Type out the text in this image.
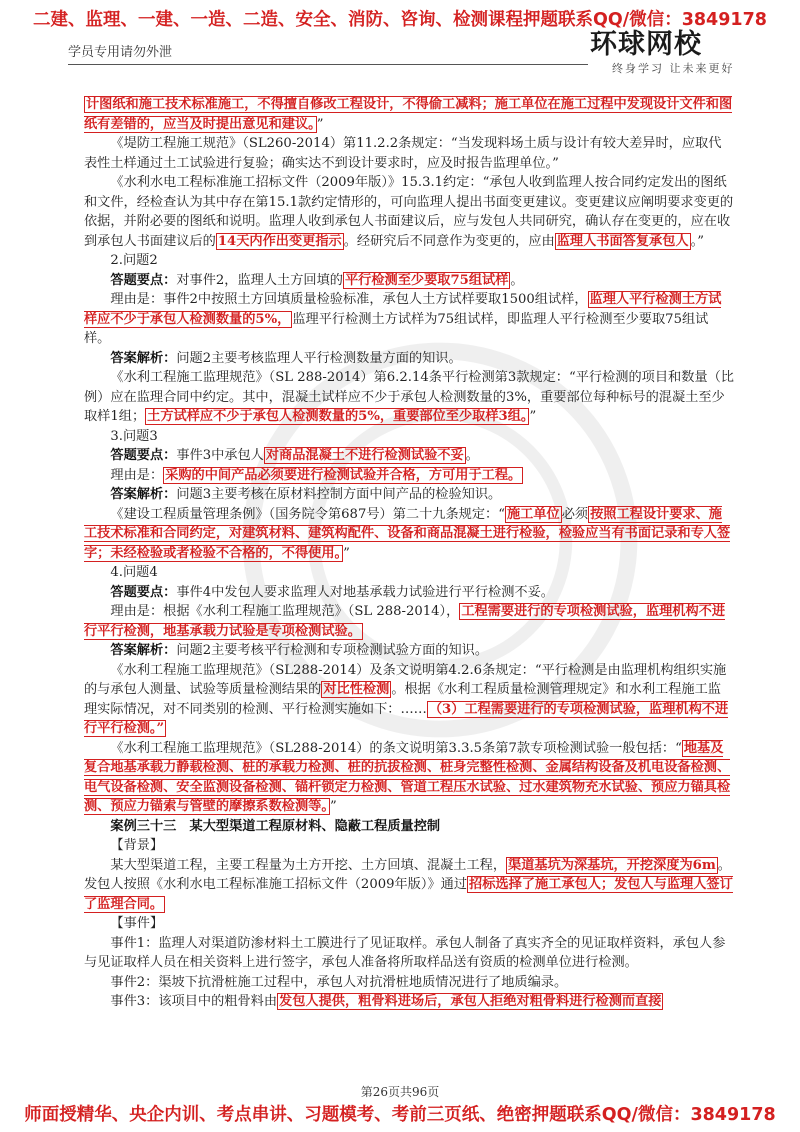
二建、监理、一建、一造、二造、安全、消防、咨询、检测课程押题联系QQ/微信：3849178
学员专用请勿外泄	环球网校
终身学习 让未来更好

计图纸和施工技术标准施工，不得擅自修改工程设计，不得偷工减料；施工单位在施工过程中发现设计文件和图纸有差错的，应当及时提出意见和建议。 ”

《堤防工程施工规范》（SL260-2014）第11.2.2条规定：“当发现料场土质与设计有较大差异时，应取代表性土样通过土工试验进行复验；确实达不到设计要求时，应及时报告监理单位。”

《水利水电工程标准施工招标文件（2009年版）》15.3.1约定：“承包人收到监理人按合同约定发出的图纸和文件，经检查认为其中存在第15.1款约定情形的，可向监理人提出书面变更建议。变更建议应阐明要求变更的依据，并附必要的图纸和说明。监理人收到承包人书面建议后，应与发包人共同研究，确认存在变更的，应在收到承包人书面建议后的 14天内作出变更指示 。经研究后不同意作为变更的，应由 监理人书面答复承包人 。”

2.问题2

答题要点：对事件2，监理人土方回填的 平行检测至少要取75组试样 。

理由是：事件2中按照土方回填质量检验标准，承包人土方试样要取1500组试样， 监理人平行检测土方试样应不少于承包人检测数量的5%， 监理平行检测土方试样为75组试样，即监理人平行检测至少要取75组试样。

答案解析：问题2主要考核监理人平行检测数量方面的知识。

《水利工程施工监理规范》（SL 288-2014）第6.2.14条平行检测第3款规定：“平行检测的项目和数量（比例）应在监理合同中约定。其中，混凝土试样应不少于承包人检测数量的3%，重要部位每种标号的混凝土至少取样1组； 土方试样应不少于承包人检测数量的5%，重要部位至少取样3组。 ”

3.问题3

答题要点：事件3中承包人 对商品混凝土不进行检测试验不妥 。

理由是： 采购的中间产品必须要进行检测试验并合格，方可用于工程。

答案解析：问题3主要考核在原材料控制方面中间产品的检验知识。

《建设工程质量管理条例》（国务院令第687号）第二十九条规定：“ 施工单位 必须 按照工程设计要求、施工技术标准和合同约定，对建筑材料、建筑构配件、设备和商品混凝土进行检验，检验应当有书面记录和专人签字；未经检验或者检验不合格的，不得使用。 ”

4.问题4

答题要点：事件4中发包人要求监理人对地基承载力试验进行平行检测不妥。

理由是：根据《水利工程施工监理规范》（SL 288-2014）， 工程需要进行的专项检测试验，监理机构不进行平行检测，地基承载力试验是专项检测试验。

答案解析：问题2主要考核平行检测和专项检测试验方面的知识。

《水利工程施工监理规范》（SL288-2014）及条文说明第4.2.6条规定：“平行检测是由监理机构组织实施的与承包人测量、试验等质量检测结果的 对比性检测 。根据《水利工程质量检测管理规定》和水利工程施工监理实际情况，对不同类别的检测、平行检测实施如下：…… （3）工程需要进行的专项检测试验，监理机构不进行平行检测。”

《水利工程施工监理规范》（SL288-2014）的条文说明第3.3.5条第7款专项检测试验一般包括：“ 地基及复合地基承载力静载检测、桩的承载力检测、桩的抗拔检测、桩身完整性检测、金属结构设备及机电设备检测、电气设备检测、安全监测设备检测、锚杆锁定力检测、管道工程压水试验、过水建筑物充水试验、预应力锚具检测、预应力锚索与管壁的摩擦系数检测等。 ”

案例三十三　某大型渠道工程原材料、隐蔽工程质量控制

【背景】

某大型渠道工程，主要工程量为土方开挖、土方回填、混凝土工程， 渠道基坑为深基坑，开挖深度为6m 。发包人按照《水利水电工程标准施工招标文件（2009年版）》通过 招标选择了施工承包人；发包人与监理人签订了监理合同。

【事件】

事件1：监理人对渠道防渗材料土工膜进行了见证取样。承包人制备了真实齐全的见证取样资料，承包人参与见证取样人员在相关资料上进行签字，承包人准备将所取样品送有资质的检测单位进行检测。

事件2：渠坡下抗滑桩施工过程中，承包人对抗滑桩地质情况进行了地质编录。

事件3：该项目中的粗骨料由 发包人提供，粗骨料进场后，承包人拒绝对粗骨料进行检测而直接

第26页共96页
师面授精华、央企内训、考点串讲、习题模考、考前三页纸、绝密押题联系QQ/微信：3849178
